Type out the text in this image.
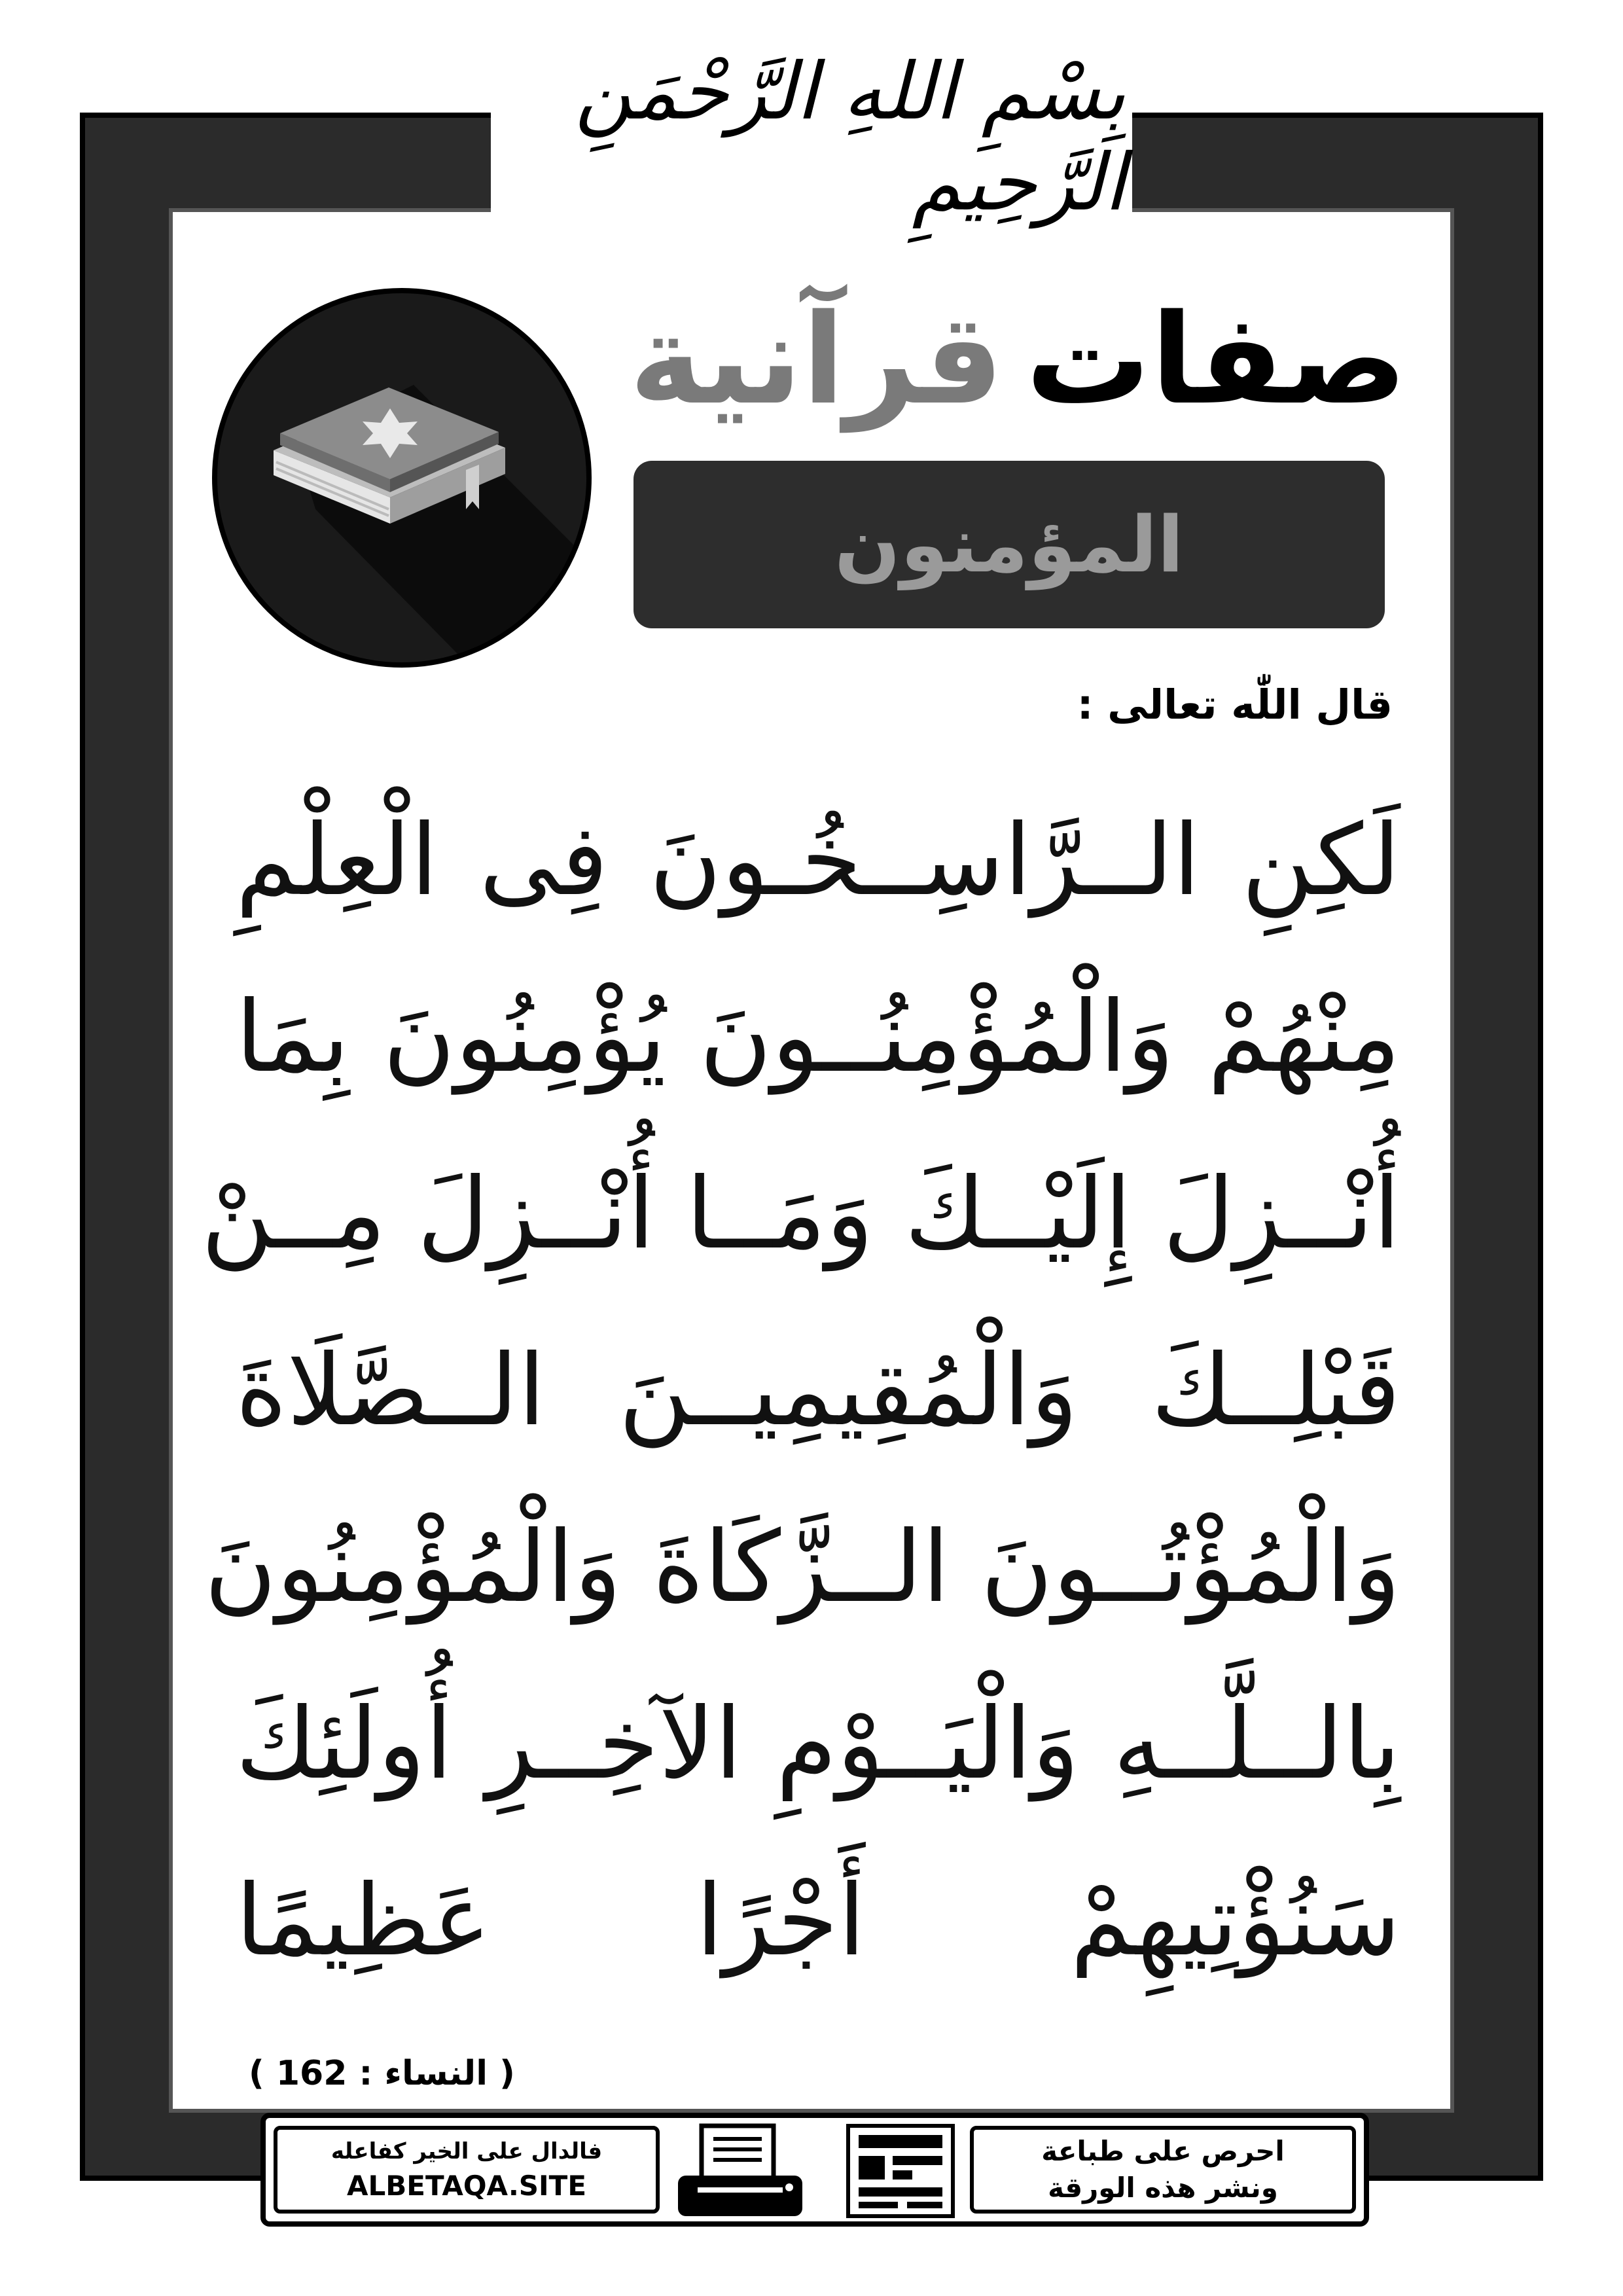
بِسْمِ اللهِ الرَّحْمَنِ الرَّحِيمِ
صفات
قرآنية
المؤمنون
قال اللّٰه تعالى :
لَكِنِ الــرَّاسِــخُـونَ فِى الْعِلْمِ
مِنْهُمْ وَالْمُؤْمِنُــونَ يُؤْمِنُونَ بِمَا
أُنْــزِلَ إِلَيْــكَ وَمَــا أُنْــزِلَ مِــنْ
قَبْلِــكَ وَالْمُقِيمِيــنَ الــصَّلَاةَ
وَالْمُؤْتُــونَ الــزَّكَاةَ وَالْمُؤْمِنُونَ
بِالــلَّــهِ وَالْيَــوْمِ الآخِــرِ أُولَئِكَ
سَنُؤْتِيهِمْ أَجْرًا عَظِيمًا
( النساء : 162 )
فالدال على الخير كفاعله
ALBETAQA.SITE
احرص على طباعة
ونشر هذه الورقة
